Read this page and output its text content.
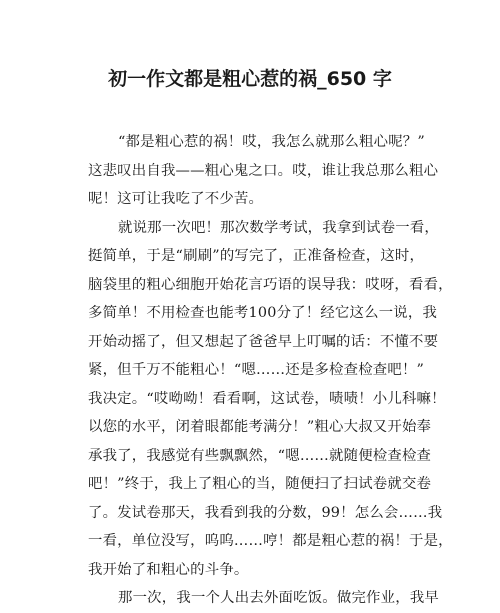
初一作文都是粗心惹的祸_650 字
“都是粗心惹的祸！哎，我怎么就那么粗心呢？”
这悲叹出自我——粗心鬼之口。哎，谁让我总那么粗心
呢！这可让我吃了不少苦。
就说那一次吧！那次数学考试，我拿到试卷一看，
挺简单，于是“刷刷”的写完了，正准备检查，这时，
脑袋里的粗心细胞开始花言巧语的误导我：哎呀，看看，
多简单！不用检查也能考100分了！经它这么一说，我
开始动摇了，但又想起了爸爸早上叮嘱的话：不懂不要
紧，但千万不能粗心！“嗯……还是多检查检查吧！”
我决定。“哎呦呦！看看啊，这试卷，啧啧！小儿科嘛！
以您的水平，闭着眼都能考满分！”粗心大叔又开始奉
承我了，我感觉有些飘飘然，“嗯……就随便检查检查
吧！”终于，我上了粗心的当，随便扫了扫试卷就交卷
了。发试卷那天，我看到我的分数，99！怎么会……我
一看，单位没写，呜呜……哼！都是粗心惹的祸！于是，
我开始了和粗心的斗争。
那一次，我一个人出去外面吃饭。做完作业，我早
